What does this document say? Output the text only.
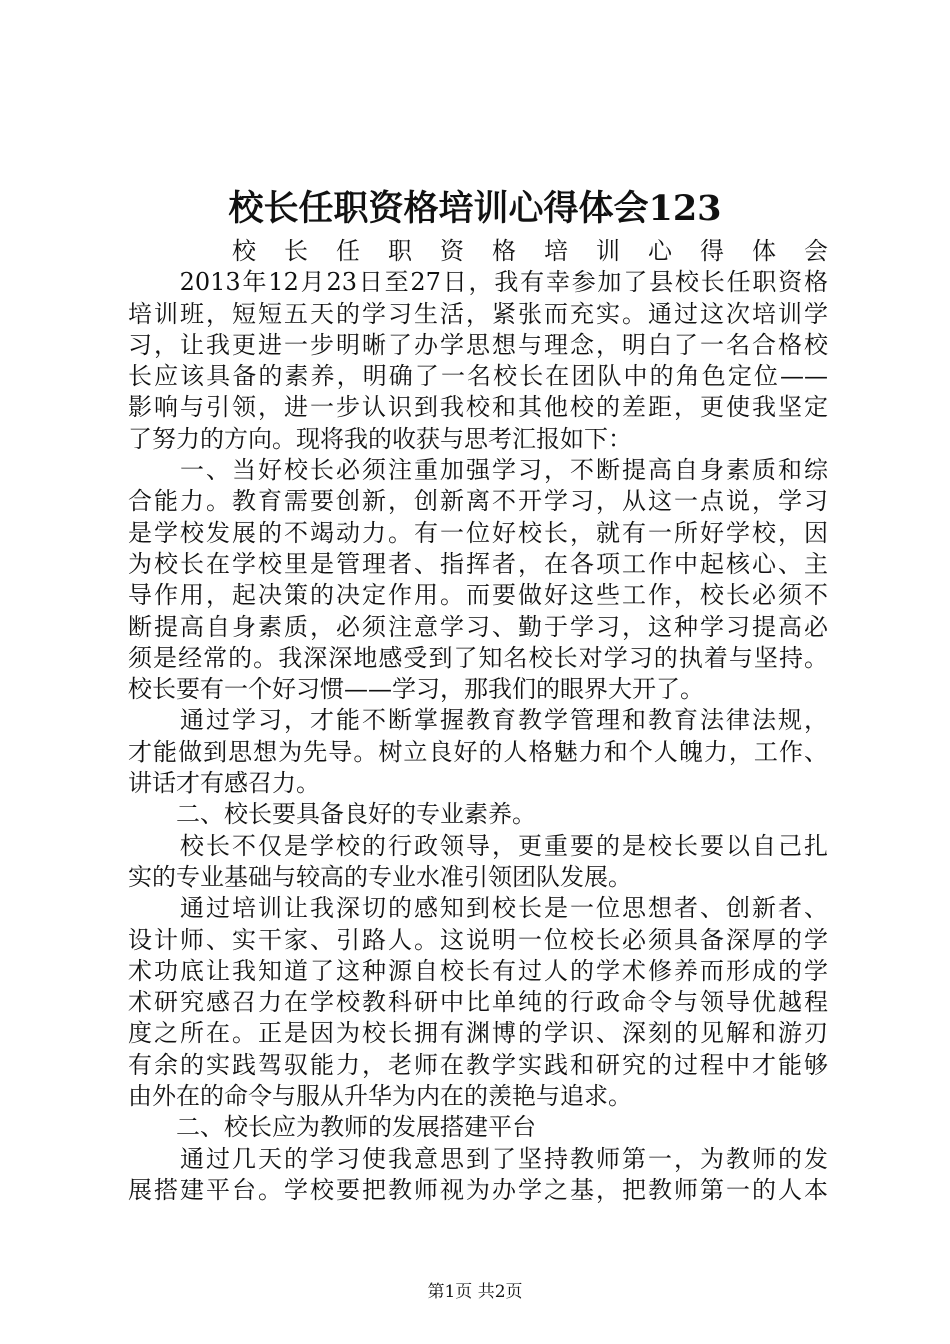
校长任职资格培训心得体会123
　　校长任职资格培训心得体会
　　2013年12月23日至27日，我有幸参加了县校长任职资格
培训班，短短五天的学习生活，紧张而充实。通过这次培训学
习，让我更进一步明晰了办学思想与理念，明白了一名合格校
长应该具备的素养，明确了一名校长在团队中的角色定位——
影响与引领，进一步认识到我校和其他校的差距，更使我坚定
了努力的方向。现将我的收获与思考汇报如下：
　　一、当好校长必须注重加强学习，不断提高自身素质和综
合能力。教育需要创新，创新离不开学习，从这一点说，学习
是学校发展的不竭动力。有一位好校长，就有一所好学校，因
为校长在学校里是管理者、指挥者，在各项工作中起核心、主
导作用，起决策的决定作用。而要做好这些工作，校长必须不
断提高自身素质，必须注意学习、勤于学习，这种学习提高必
须是经常的。我深深地感受到了知名校长对学习的执着与坚持。
校长要有一个好习惯——学习，那我们的眼界大开了。
　　通过学习，才能不断掌握教育教学管理和教育法律法规，
才能做到思想为先导。树立良好的人格魅力和个人魄力，工作、
讲话才有感召力。
　　二、校长要具备良好的专业素养。
　　校长不仅是学校的行政领导，更重要的是校长要以自己扎
实的专业基础与较高的专业水准引领团队发展。
　　通过培训让我深切的感知到校长是一位思想者、创新者、
设计师、实干家、引路人。这说明一位校长必须具备深厚的学
术功底让我知道了这种源自校长有过人的学术修养而形成的学
术研究感召力在学校教科研中比单纯的行政命令与领导优越程
度之所在。正是因为校长拥有渊博的学识、深刻的见解和游刃
有余的实践驾驭能力，老师在教学实践和研究的过程中才能够
由外在的命令与服从升华为内在的羡艳与追求。
　　二、校长应为教师的发展搭建平台
　　通过几天的学习使我意思到了坚持教师第一，为教师的发
展搭建平台。学校要把教师视为办学之基，把教师第一的人本
第1页 共2页
